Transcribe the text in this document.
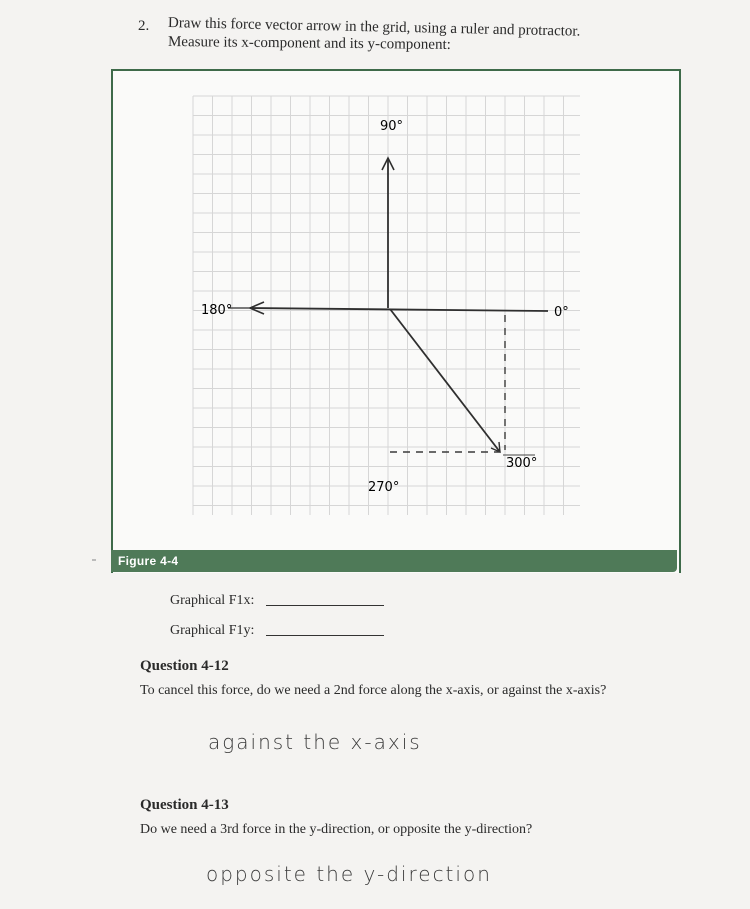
2. Draw this force vector arrow in the grid, using a ruler and protractor.
Measure its x-component and its y-component:
Figure 4-4
90°
180°	0°
270°
300°
Graphical F1x:
Graphical F1y:
Question 4-12
To cancel this force, do we need a 2nd force along the x-axis, or against the x-axis?
against the x-axis
Question 4-13
Do we need a 3rd force in the y-direction, or opposite the y-direction?
opposite the y-direction
